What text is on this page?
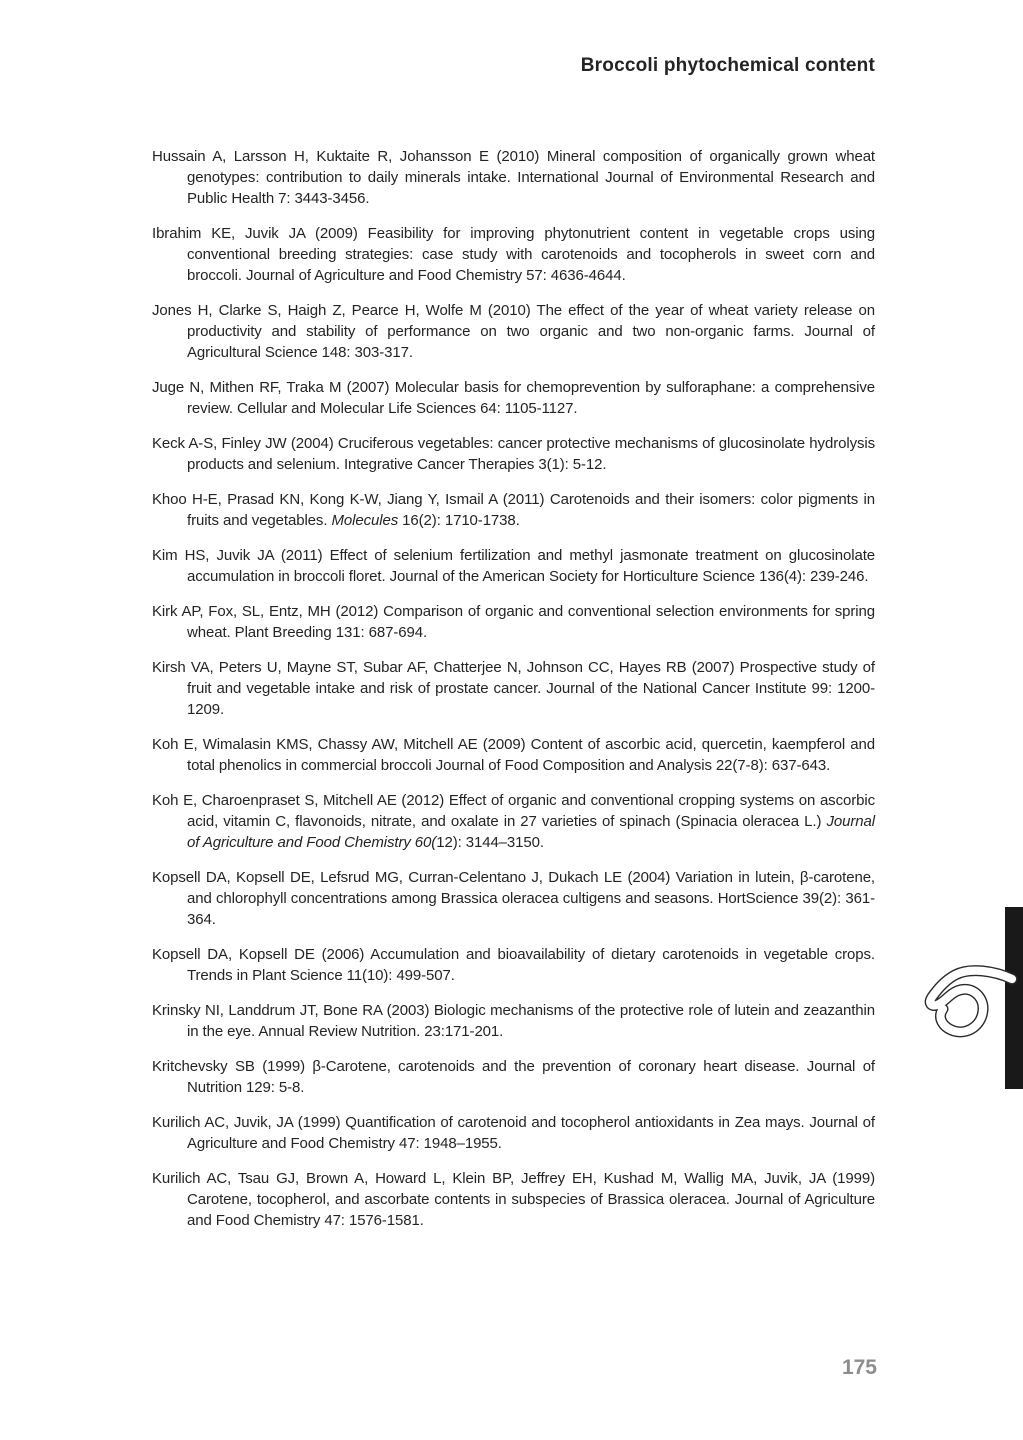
Broccoli phytochemical content

Hussain A, Larsson H, Kuktaite R, Johansson E (2010) Mineral composition of organically grown wheat genotypes: contribution to daily minerals intake. International Journal of Environmental Research and Public Health 7: 3443-3456.

Ibrahim KE, Juvik JA (2009) Feasibility for improving phytonutrient content in vegetable crops using conventional breeding strategies: case study with carotenoids and tocopherols in sweet corn and broccoli. Journal of Agriculture and Food Chemistry 57: 4636-4644.

Jones H, Clarke S, Haigh Z, Pearce H, Wolfe M (2010) The effect of the year of wheat variety release on productivity and stability of performance on two organic and two non-organic farms. Journal of Agricultural Science 148: 303-317.

Juge N, Mithen RF, Traka M (2007) Molecular basis for chemoprevention by sulforaphane: a comprehensive review. Cellular and Molecular Life Sciences 64: 1105-1127.

Keck A-S, Finley JW (2004) Cruciferous vegetables: cancer protective mechanisms of glucosinolate hydrolysis products and selenium. Integrative Cancer Therapies 3(1): 5-12.

Khoo H-E, Prasad KN, Kong K-W, Jiang Y, Ismail A (2011) Carotenoids and their isomers: color pigments in fruits and vegetables. Molecules 16(2): 1710-1738.

Kim HS, Juvik JA (2011) Effect of selenium fertilization and methyl jasmonate treatment on glucosinolate accumulation in broccoli floret. Journal of the American Society for Horticulture Science 136(4): 239-246.

Kirk AP, Fox, SL, Entz, MH (2012) Comparison of organic and conventional selection environments for spring wheat. Plant Breeding 131: 687-694.

Kirsh VA, Peters U, Mayne ST, Subar AF, Chatterjee N, Johnson CC, Hayes RB (2007) Prospective study of fruit and vegetable intake and risk of prostate cancer. Journal of the National Cancer Institute 99: 1200-1209.

Koh E, Wimalasin KMS, Chassy AW, Mitchell AE (2009) Content of ascorbic acid, quercetin, kaempferol and total phenolics in commercial broccoli Journal of Food Composition and Analysis 22(7-8): 637-643.

Koh E, Charoenpraset S, Mitchell AE (2012) Effect of organic and conventional cropping systems on ascorbic acid, vitamin C, flavonoids, nitrate, and oxalate in 27 varieties of spinach (Spinacia oleracea L.) Journal of Agriculture and Food Chemistry 60(12): 3144–3150.

Kopsell DA, Kopsell DE, Lefsrud MG, Curran-Celentano J, Dukach LE (2004) Variation in lutein, β-carotene, and chlorophyll concentrations among Brassica oleracea cultigens and seasons. HortScience 39(2): 361-364.

Kopsell DA, Kopsell DE (2006) Accumulation and bioavailability of dietary carotenoids in vegetable crops. Trends in Plant Science 11(10): 499-507.

Krinsky NI, Landdrum JT, Bone RA (2003) Biologic mechanisms of the protective role of lutein and zeazanthin in the eye. Annual Review Nutrition. 23:171-201.

Kritchevsky SB (1999) β-Carotene, carotenoids and the prevention of coronary heart disease. Journal of Nutrition 129: 5-8.

Kurilich AC, Juvik, JA (1999) Quantification of carotenoid and tocopherol antioxidants in Zea mays. Journal of Agriculture and Food Chemistry 47: 1948–1955.

Kurilich AC, Tsau GJ, Brown A, Howard L, Klein BP, Jeffrey EH, Kushad M, Wallig MA, Juvik, JA (1999) Carotene, tocopherol, and ascorbate contents in subspecies of Brassica oleracea. Journal of Agriculture and Food Chemistry 47: 1576-1581.

175
